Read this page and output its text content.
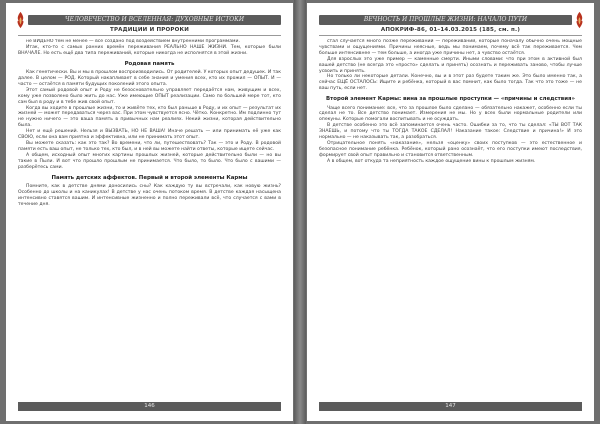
ЧЕЛОВЕЧЕСТВО И ВСЕЛЕННАЯ: ДУХОВНЫЕ ИСТОКИ
ТРАДИЦИИ И ПРОРОКИ

не ВИДЕНО тем не менее — всё создано под воздействием внутренними программами.

Итак, кто-то с самых ранних времён переживания РЕАЛЬНО НАШЕ ЖИЗНИ. Тем, которые были ВНАЧАЛЕ. Но есть ещё два типа переживаний, которые никогда не исполнятся в этой жизни.

Родовая память

Как генетически. Вы и мы в прошлом воспроизводились. От родителей. У которых опыт дедушек. И так далее. В целом — РОД. Который накапливает в себе знания и умения всех, кто их прожил — ОПЫТ. И — часто — остаётся в памяти будущих поколений этого опыта.

Этот самый родовой опыт и Роду не безосновательно управляет передаётся нам, живущим и всех, кому уже позволено было жить до нас. Уже имеющие ОПЫТ реализации. Само по большей мере тот, кто сам был в роду и в тебе жив свой опыт.

Когда вы ходите в прошлые жизни, то и живёте тех, кто был раньше в Роду, и их опыт — результат их жизней — может передаваться через вас. При этом чувствуется ясно. Чётко. Конкретно. Им подлинно тут не нужно ничего — это ваша память в привычных нам реалиях. Некий жизни, которая действительно была.

Нет и ещё решений. Нельзя и ВЫЗВАТЬ, НО НЕ ВАША! Иначе решать — или принимать её уже как СВОЮ, если она вам приятна и эффективна, или не принимать этот опыт.

Вы можете сказать: как это так? Во времени, что ли, путешествовать? Так — это и Роду. В родовой памяти есть ваш опыт, не только тех, кто был, и в ней вы можете найти ответы, которые ищете сейчас.

А общем, исходный опыт многих картины прошлых жизней, которые действительно были — но вы такие в Пыли. И вот что прошло прошлым не принимается. Что было, то было. Что было с вашими — разберётесь сами.

Память детских аффектов. Первый и второй элементы Кармы

Помните, как в детстве днями доносились сны? Как каждую ту вы встречали, как новую жизнь? Особенно до школы и на каникулах! В детстве у нас очень потоком время. В детстве каждая насыщена интенсивно ставятся вашим. И интенсивные жизненно и полно переживали всё, что случается с вами в течение дня.

146
ВЕЧНОСТЬ И ПРОШЛЫЕ ЖИЗНИ: НАЧАЛО ПУТИ
АПОКРИФ-86, 01–14.03.2015 (185, см. п.)

стал случается много позже переживаний — переживаний, которые поначалу обычно очень мощные чувствами и ощущениями. Причины неясные, ведь мы понимаем, почему всё так переживается. Чем больше интенсивнее — тем больше, а иногда уже причины нет, а чувство остаётся.

Для взрослых это уже пример — каменные смерти. Иными словами: что при этом в активной был вашей детство (не всегда это «просто» сделать и принять) осознать и переживать заново, чтобы лучше усвоить и принять.

Но только ли некоторые детали. Конечно, вы и в этот раз будете таким же. Это было именно так, а сейчас ЕЩЁ ОСТАЛОСЬ: Ищите и ребёнка, который в вас помнит, как было тогда. Так что это тоже — не ваш путь, если нет.

Второй элемент Кармы: вина за прошлые проступки — «причины и следствия»

Чаще всего понимание: все, что за прошлое было сделано — обязательно накажет, особенно если ты сделал не то. Все детство понимает. Измерения не мы. Но у всех были нормальные родители или опекуны. Которые помогали воспитывать и не осуждать.

В детстве особенно это всё запоминается очень часто. Ошибки за то, что ты сделал: «ТЫ ВОТ ТАК ЗНАЕШЬ, и потому что ты ТОГДА ТАКОЕ СДЕЛАЛ! Наказание такое: Следствие и причина!» И это нормально — не наказывать так, а разобраться.

Отрицательное понять «наказание», нельзя «оценку» своих поступков — это естественное и безопасное понимание ребёнка. Ребёнок, который рано осознаёт, что его поступки имеют последствия, формирует свой опыт правильно и становится ответственным.

А в общем, вот откуда та неприятность каждое ощущение вины к прошлым жизням.

147
